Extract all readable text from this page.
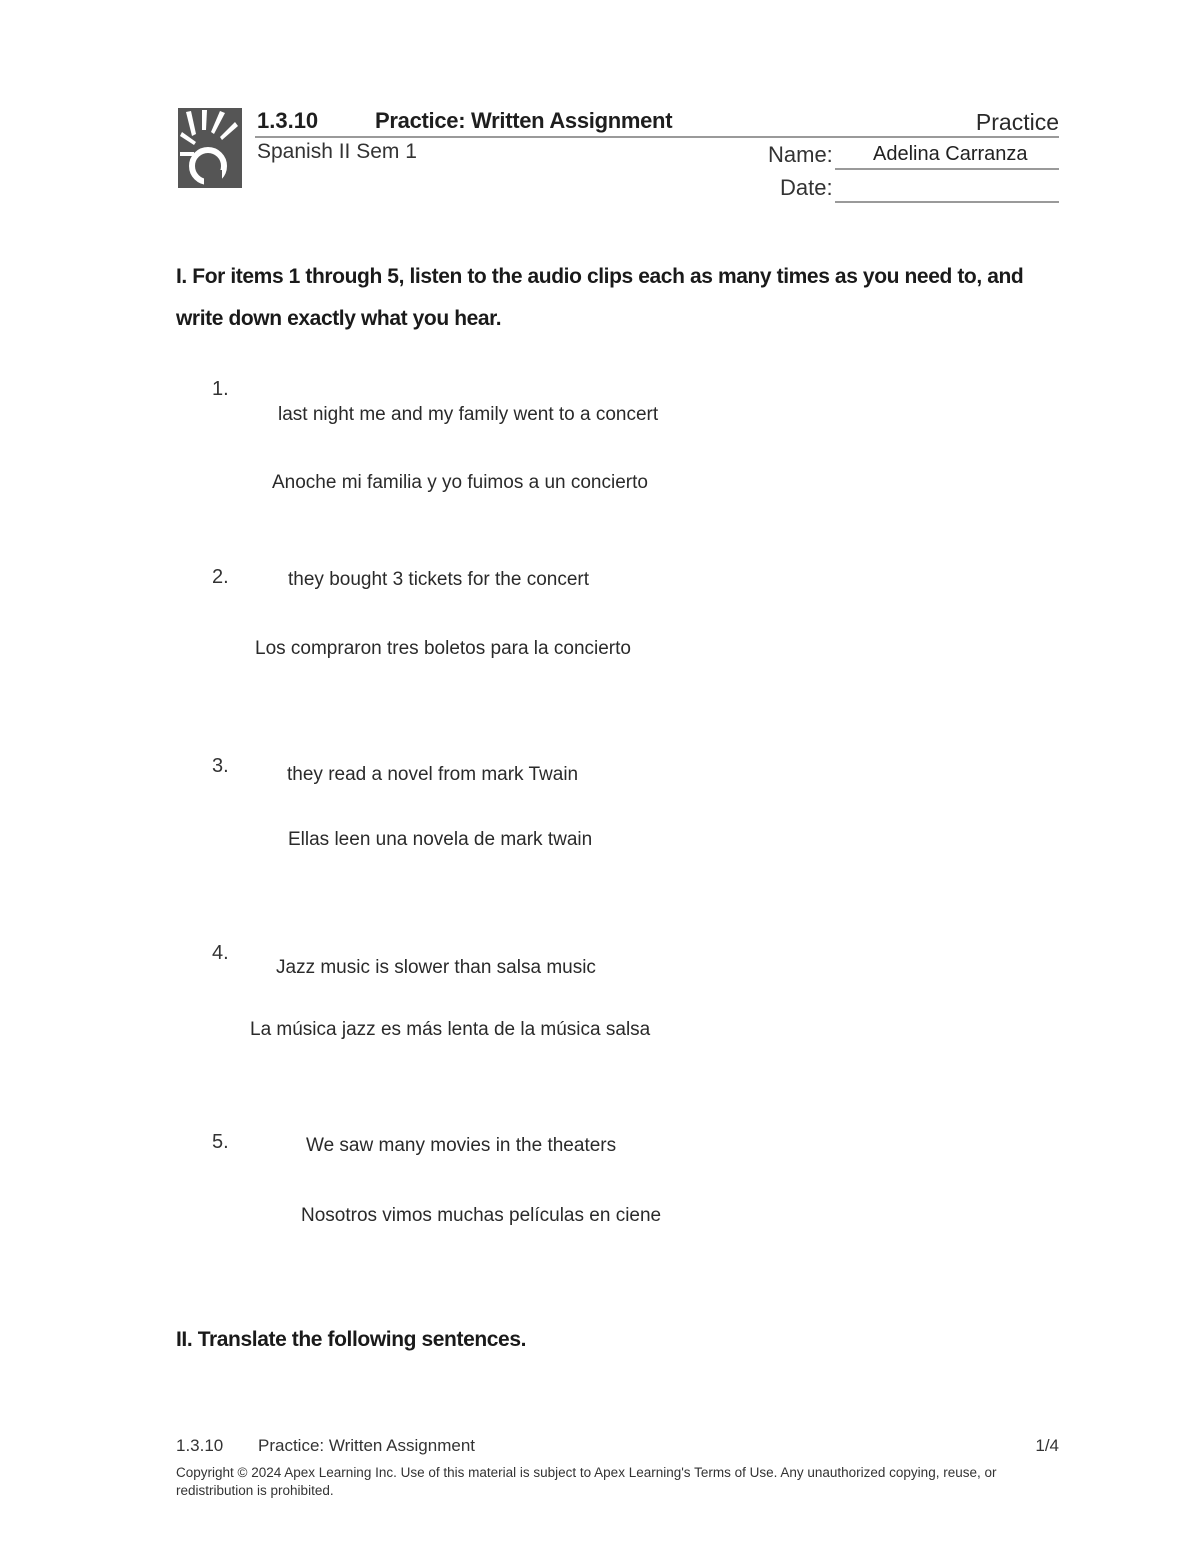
1.3.10	Practice: Written Assignment	Practice
Spanish II Sem 1	Name: Adelina Carranza
Date:
I. For items 1 through 5, listen to the audio clips each as many times as you need to, and write down exactly what you hear.
1.
last night me and my family went to a concert
Anoche mi familia y yo fuimos a un concierto
2.	they bought 3 tickets for the concert
Los compraron tres boletos para la concierto
3.	they read a novel from mark Twain
Ellas leen una novela de mark twain
4.
Jazz music is slower than salsa music
La música jazz es más lenta de la música salsa
5.	We saw many movies in the theaters
Nosotros vimos muchas películas en ciene
II. Translate the following sentences.
1.3.10 Practice: Written Assignment	1/4
Copyright © 2024 Apex Learning Inc. Use of this material is subject to Apex Learning's Terms of Use. Any unauthorized copying, reuse, or redistribution is prohibited.
